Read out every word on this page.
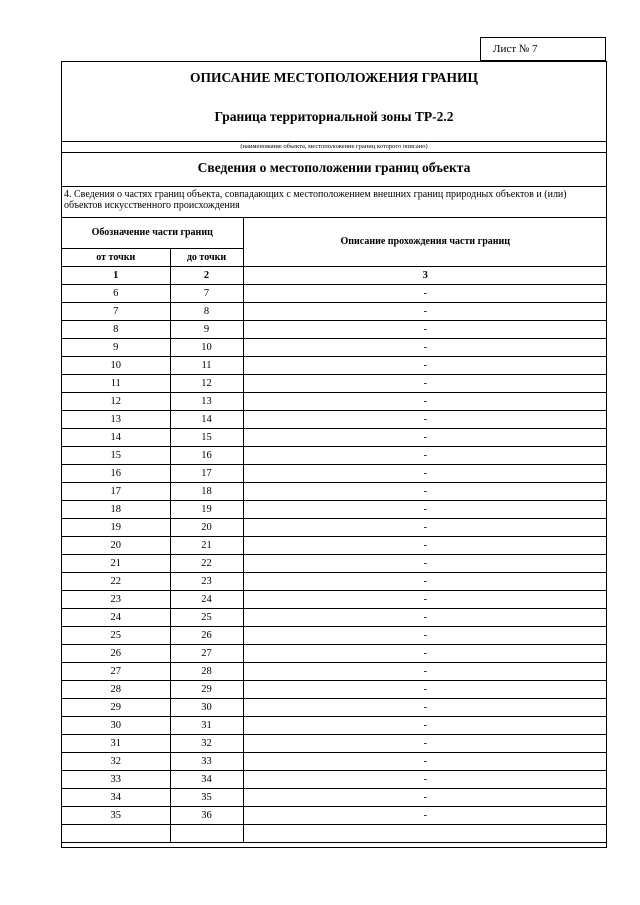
Лист № 7
ОПИСАНИЕ МЕСТОПОЛОЖЕНИЯ ГРАНИЦ
Граница территориальной зоны ТР-2.2
(наименование объекта, местоположение границ которого описано)
Сведения о местоположении границ объекта
4. Сведения о частях границ объекта, совпадающих с местоположением внешних границ природных объектов и (или) объектов искусственного происхождения
Обозначение части границ		Описание прохождения части границ
от точки	до точки	
1	2	3
6	7	-
7	8	-
8	9	-
9	10	-
10	11	-
11	12	-
12	13	-
13	14	-
14	15	-
15	16	-
16	17	-
17	18	-
18	19	-
19	20	-
20	21	-
21	22	-
22	23	-
23	24	-
24	25	-
25	26	-
26	27	-
27	28	-
28	29	-
29	30	-
30	31	-
31	32	-
32	33	-
33	34	-
34	35	-
35	36	-
